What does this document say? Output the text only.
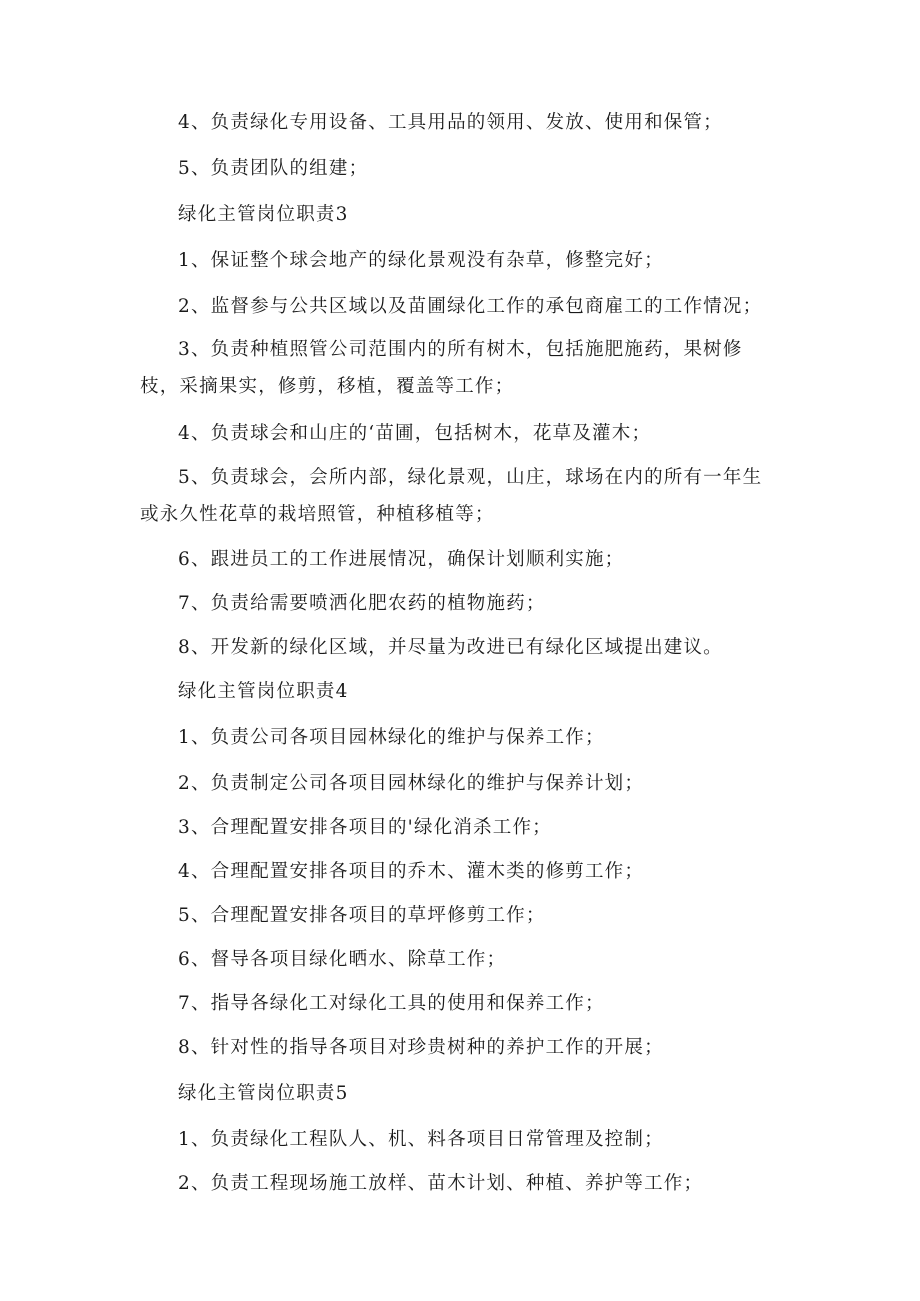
4、负责绿化专用设备、工具用品的领用、发放、使用和保管；
5、负责团队的组建；
绿化主管岗位职责3
1、保证整个球会地产的绿化景观没有杂草，修整完好；
2、监督参与公共区域以及苗圃绿化工作的承包商雇工的工作情况；
3、负责种植照管公司范围内的所有树木，包括施肥施药，果树修枝，采摘果实，修剪，移植，覆盖等工作；
4、负责球会和山庄的‘苗圃，包括树木，花草及灌木；
5、负责球会，会所内部，绿化景观，山庄，球场在内的所有一年生或永久性花草的栽培照管，种植移植等；
6、跟进员工的工作进展情况，确保计划顺利实施；
7、负责给需要喷洒化肥农药的植物施药；
8、开发新的绿化区域，并尽量为改进已有绿化区域提出建议。
绿化主管岗位职责4
1、负责公司各项目园林绿化的维护与保养工作；
2、负责制定公司各项目园林绿化的维护与保养计划；
3、合理配置安排各项目的'绿化消杀工作；
4、合理配置安排各项目的乔木、灌木类的修剪工作；
5、合理配置安排各项目的草坪修剪工作；
6、督导各项目绿化晒水、除草工作；
7、指导各绿化工对绿化工具的使用和保养工作；
8、针对性的指导各项目对珍贵树种的养护工作的开展；
绿化主管岗位职责5
1、负责绿化工程队人、机、料各项目日常管理及控制；
2、负责工程现场施工放样、苗木计划、种植、养护等工作；
